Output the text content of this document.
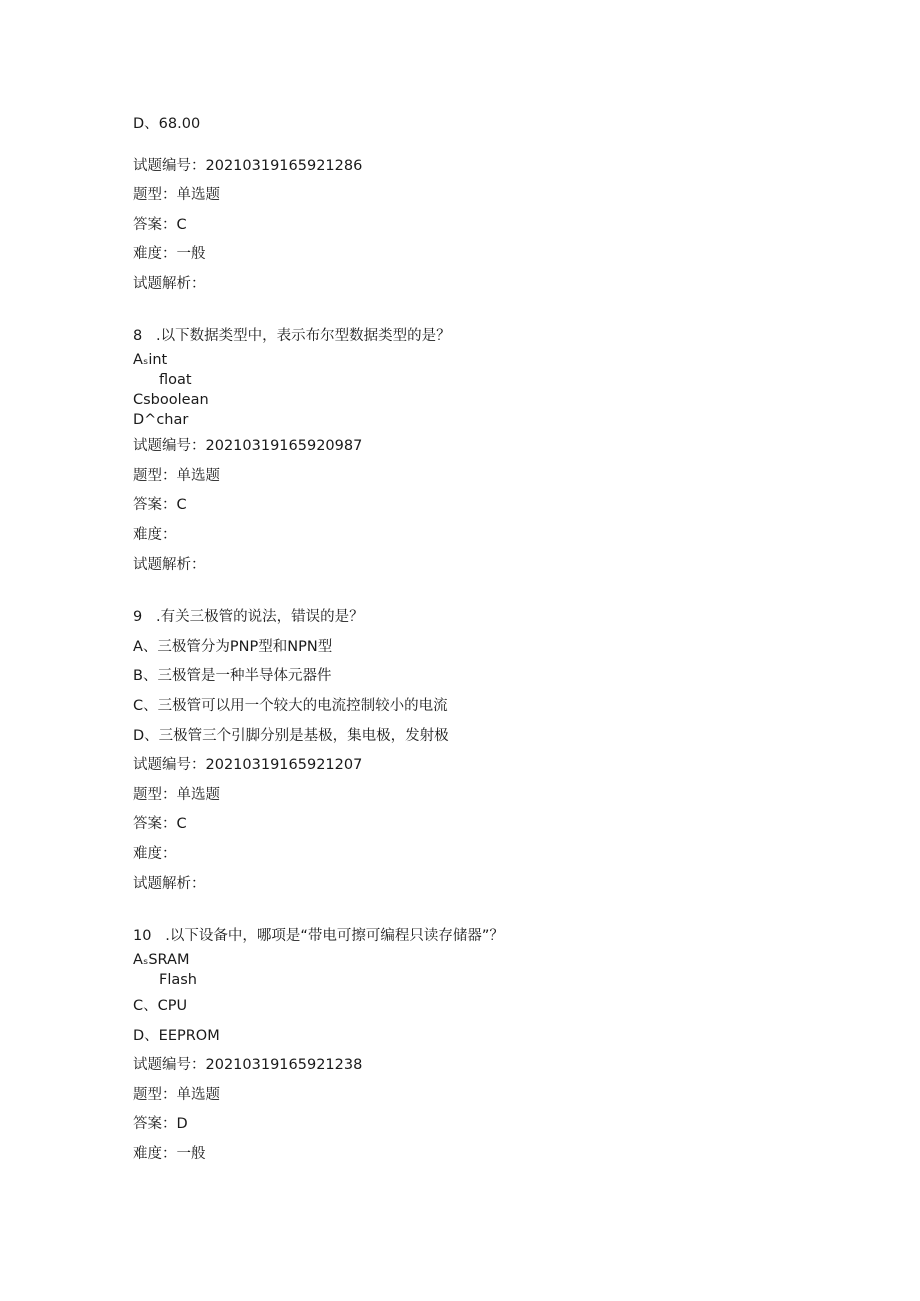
D、68.00
试题编号：20210319165921286
题型：单选题
答案：C
难度：一般
试题解析：
8   .以下数据类型中，表示布尔型数据类型的是？
Aₛint
float
Csboolean
D^char
试题编号：20210319165920987
题型：单选题
答案：C
难度：
试题解析：
9   .有关三极管的说法，错误的是？
A、三极管分为PNP型和NPN型
B、三极管是一种半导体元器件
C、三极管可以用一个较大的电流控制较小的电流
D、三极管三个引脚分别是基极，集电极，发射极
试题编号：20210319165921207
题型：单选题
答案：C
难度：
试题解析：
10   .以下设备中，哪项是“带电可擦可编程只读存储器”？
AₛSRAM
Flash
C、CPU
D、EEPROM
试题编号：20210319165921238
题型：单选题
答案：D
难度：一般
